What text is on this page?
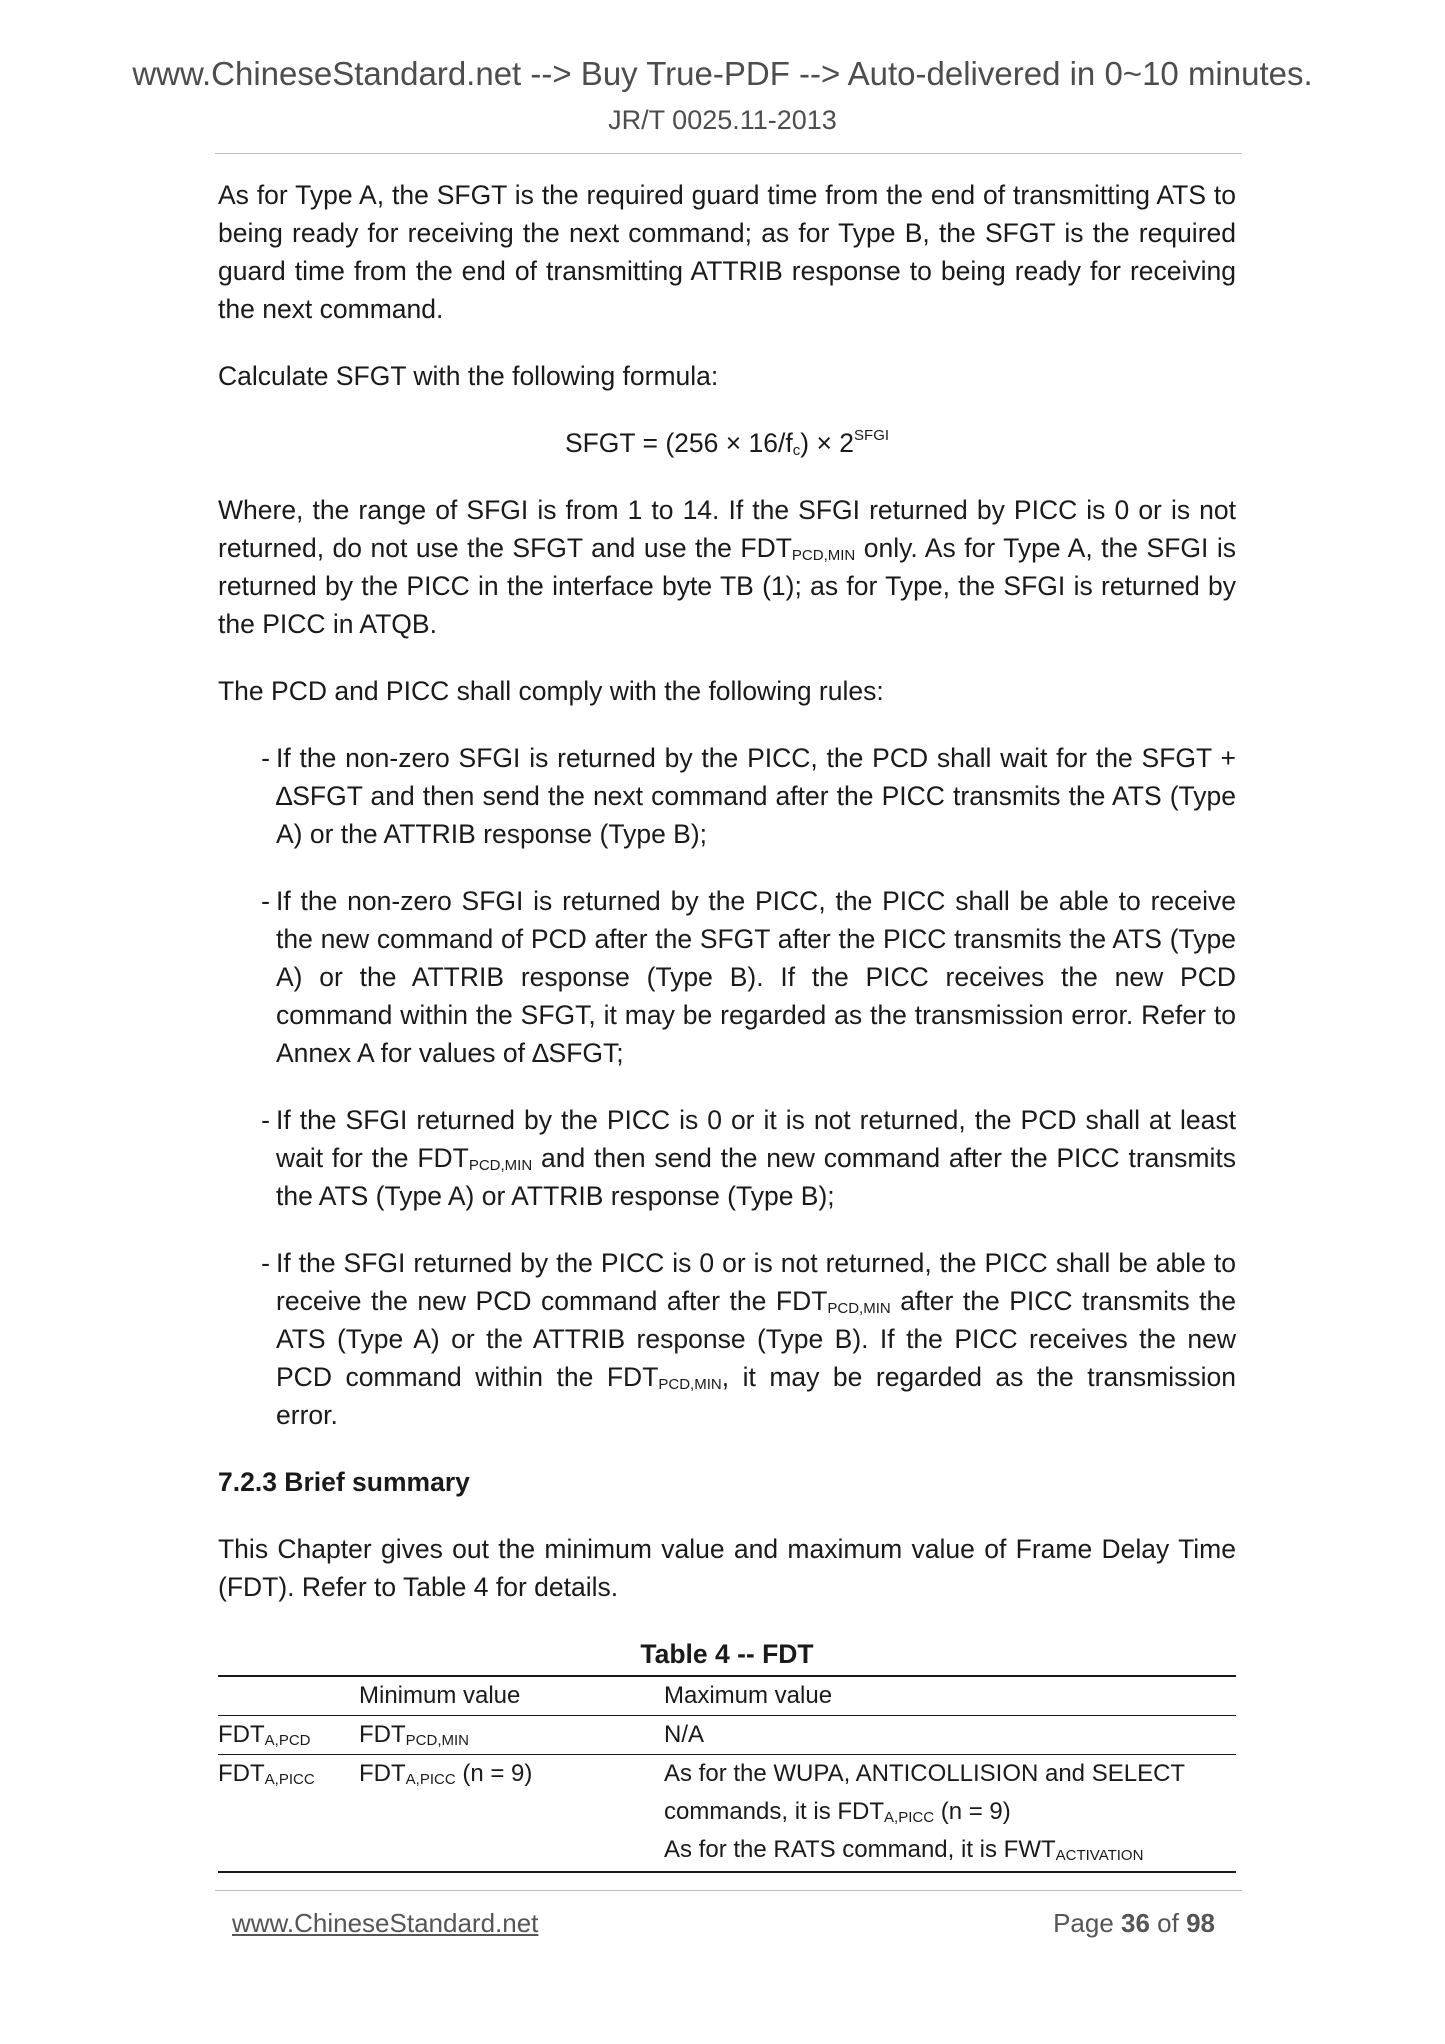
www.ChineseStandard.net --> Buy True-PDF --> Auto-delivered in 0~10 minutes.
JR/T 0025.11-2013

As for Type A, the SFGT is the required guard time from the end of transmitting ATS to being ready for receiving the next command; as for Type B, the SFGT is the required guard time from the end of transmitting ATTRIB response to being ready for receiving the next command.

Calculate SFGT with the following formula:

SFGT = $(256 \times 16/f_c) \times 2^{SFGI}$

Where, the range of SFGI is from 1 to 14. If the SFGI returned by PICC is 0 or is not returned, do not use the SFGT and use the $FDT_{PCD,MIN}$ only. As for Type A, the SFGI is returned by the PICC in the interface byte TB (1); as for Type, the SFGI is returned by the PICC in ATQB.

The PCD and PICC shall comply with the following rules:

- If the non-zero SFGI is returned by the PICC, the PCD shall wait for the SFGT + ∆SFGT and then send the next command after the PICC transmits the ATS (Type A) or the ATTRIB response (Type B);
- If the non-zero SFGI is returned by the PICC, the PICC shall be able to receive the new command of PCD after the SFGT after the PICC transmits the ATS (Type A) or the ATTRIB response (Type B). If the PICC receives the new PCD command within the SFGT, it may be regarded as the transmission error. Refer to Annex A for values of ∆SFGT;
- If the SFGI returned by the PICC is 0 or it is not returned, the PCD shall at least wait for the $FDT_{PCD,MIN}$ and then send the new command after the PICC transmits the ATS (Type A) or ATTRIB response (Type B);
- If the SFGI returned by the PICC is 0 or is not returned, the PICC shall be able to receive the new PCD command after the $FDT_{PCD,MIN}$ after the PICC transmits the ATS (Type A) or the ATTRIB response (Type B). If the PICC receives the new PCD command within the $FDT_{PCD,MIN}$, it may be regarded as the transmission error.
7.2.3 Brief summary

This Chapter gives out the minimum value and maximum value of Frame Delay Time (FDT). Refer to Table 4 for details.

Table 4 -- FDT
	Minimum value	Maximum value
$FDT_{A,PCD}$	$FDT_{PCD,MIN}$	N/A
$FDT_{A,PICC}$	$FDT_{A,PICC}$ (n = 9)	As for the WUPA, ANTICOLLISION and SELECT commands, it is $FDT_{A,PICC}$ (n = 9)
As for the RATS command, it is $FWT_{ACTIVATION}$
www.ChineseStandard.net	Page 36 of 98
